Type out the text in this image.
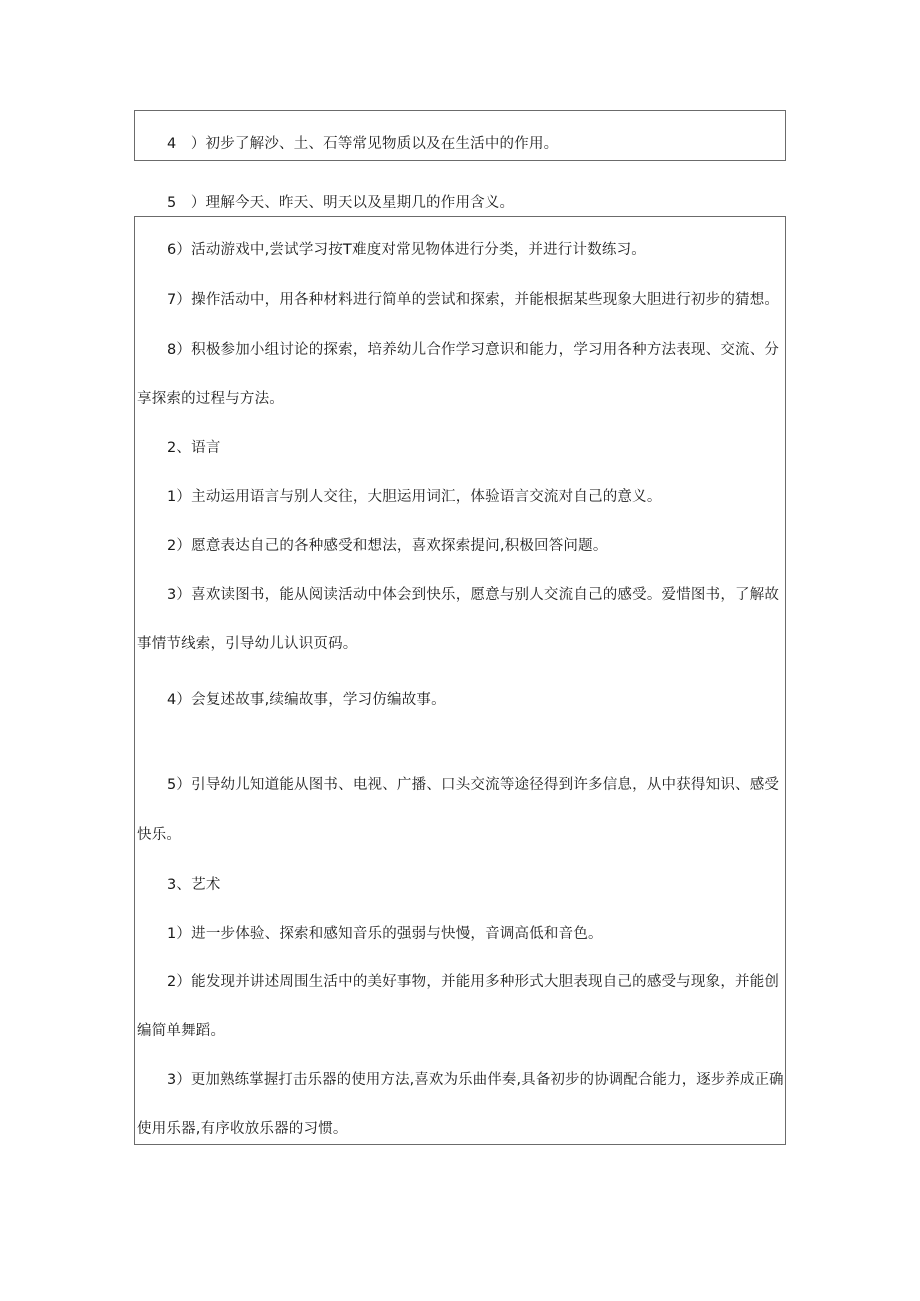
4   ）初步了解沙、土、石等常见物质以及在生活中的作用。
5   ）理解今天、昨天、明天以及星期几的作用含义。
6）活动游戏中,尝试学习按T难度对常见物体进行分类，并进行计数练习。
7）操作活动中，用各种材料进行简单的尝试和探索，并能根据某些现象大胆进行初步的猜想。
8）积极参加小组讨论的探索，培养幼儿合作学习意识和能力，学习用各种方法表现、交流、分
享探索的过程与方法。
2、语言
1）主动运用语言与别人交往，大胆运用词汇，体验语言交流对自己的意义。
2）愿意表达自己的各种感受和想法，喜欢探索提问,积极回答问题。
3）喜欢读图书，能从阅读活动中体会到快乐，愿意与别人交流自己的感受。爱惜图书，了解故
事情节线索，引导幼儿认识页码。
4）会复述故事,续编故事，学习仿编故事。
5）引导幼儿知道能从图书、电视、广播、口头交流等途径得到许多信息，从中获得知识、感受
快乐。
3、艺术
1）进一步体验、探索和感知音乐的强弱与快慢，音调高低和音色。
2）能发现并讲述周围生活中的美好事物，并能用多种形式大胆表现自己的感受与现象，并能创
编简单舞蹈。
3）更加熟练掌握打击乐器的使用方法,喜欢为乐曲伴奏,具备初步的协调配合能力，逐步养成正确
使用乐器,有序收放乐器的习惯。
